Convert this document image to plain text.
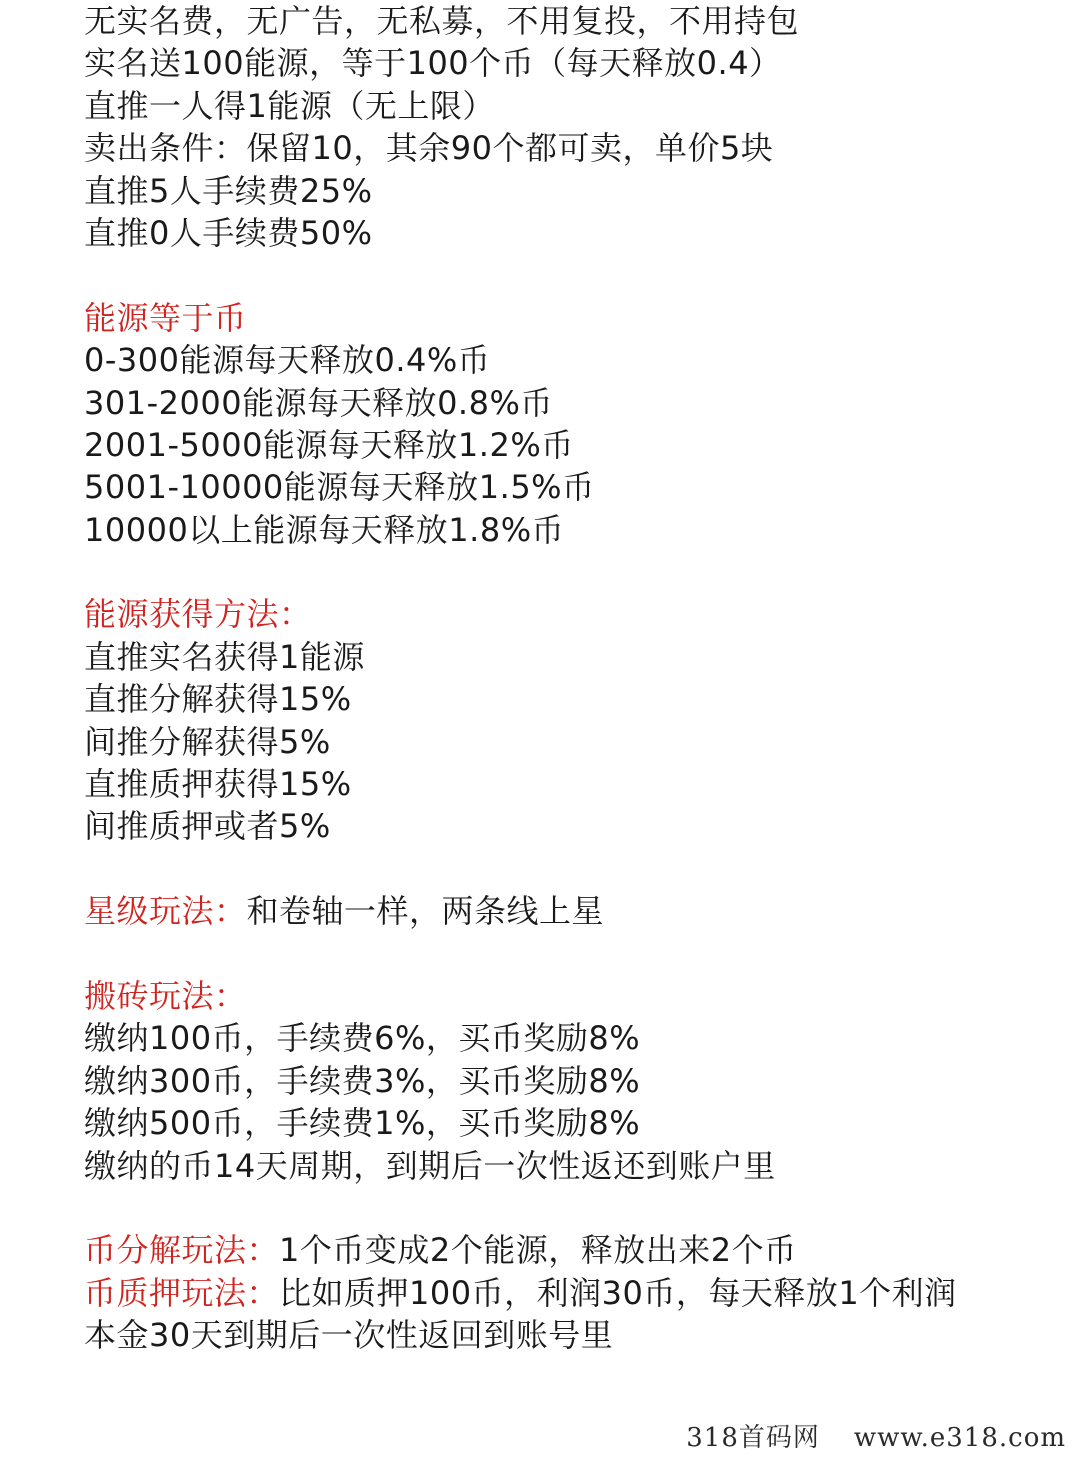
无实名费，无广告，无私募，不用复投，不用持包
实名送100能源，等于100个币（每天释放0.4）
直推一人得1能源（无上限）
卖出条件：保留10，其余90个都可卖，单价5块
直推5人手续费25%
直推0人手续费50%
能源等于币
0-300能源每天释放0.4%币
301-2000能源每天释放0.8%币
2001-5000能源每天释放1.2%币
5001-10000能源每天释放1.5%币
10000以上能源每天释放1.8%币
能源获得方法：
直推实名获得1能源
直推分解获得15%
间推分解获得5%
直推质押获得15%
间推质押或者5%
星级玩法：和卷轴一样，两条线上星
搬砖玩法：
缴纳100币，手续费6%，买币奖励8%
缴纳300币，手续费3%，买币奖励8%
缴纳500币，手续费1%，买币奖励8%
缴纳的币14天周期，到期后一次性返还到账户里
币分解玩法：1个币变成2个能源，释放出来2个币
币质押玩法：比如质押100币，利润30币，每天释放1个利润
本金30天到期后一次性返回到账号里
318首码网 www.e318.com
